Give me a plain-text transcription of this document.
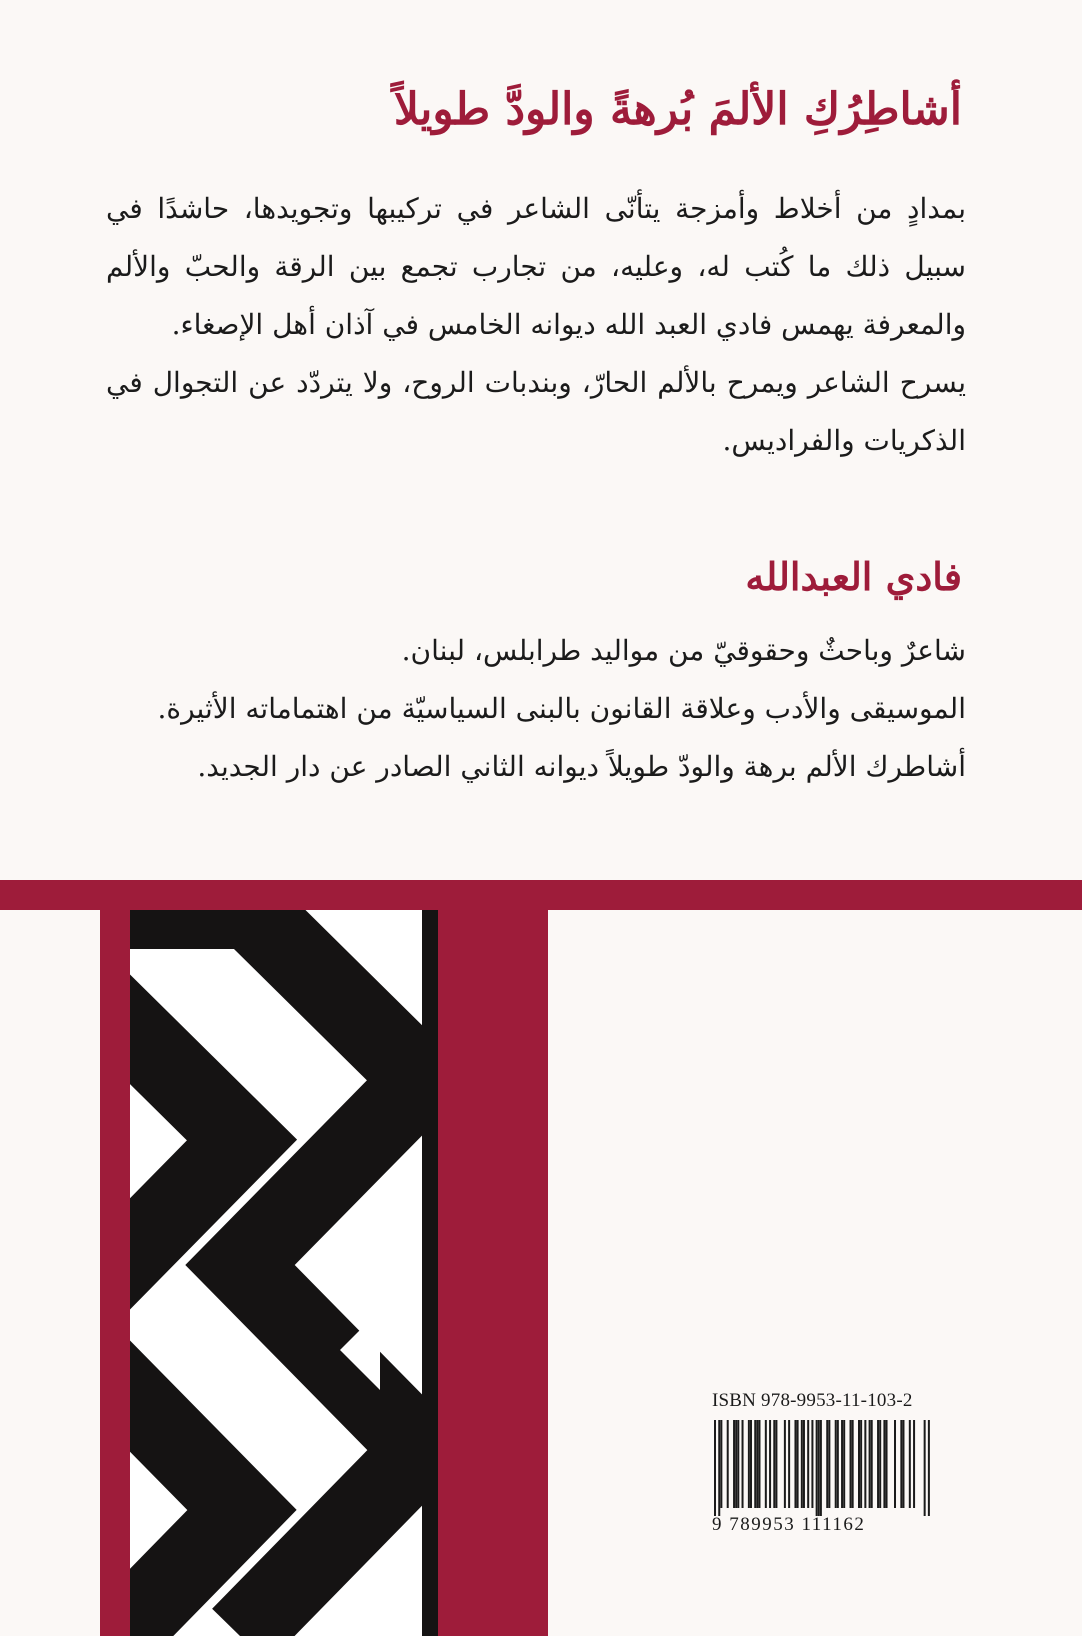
أشاطِرُكِ الألمَ بُرهةً والودَّ طويلاً

بمدادٍ من أخلاط وأمزجة يتأنّى الشاعر في تركيبها وتجويدها، حاشدًا في سبيل ذلك ما كُتب له، وعليه، من تجارب تجمع بين الرقة والحبّ والألم والمعرفة يهمس فادي العبد الله ديوانه الخامس في آذان أهل الإصغاء.

يسرح الشاعر ويمرح بالألم الحارّ، وبندبات الروح، ولا يتردّد عن التجوال في الذكريات والفراديس.

فادي العبدالله

شاعرٌ وباحثٌ وحقوقيّ من مواليد طرابلس، لبنان.

الموسيقى والأدب وعلاقة القانون بالبنى السياسيّة من اهتماماته الأثيرة.

أشاطرك الألم برهة والودّ طويلاً ديوانه الثاني الصادر عن دار الجديد.

ISBN 978-9953-11-103-2
9 789953 111162
